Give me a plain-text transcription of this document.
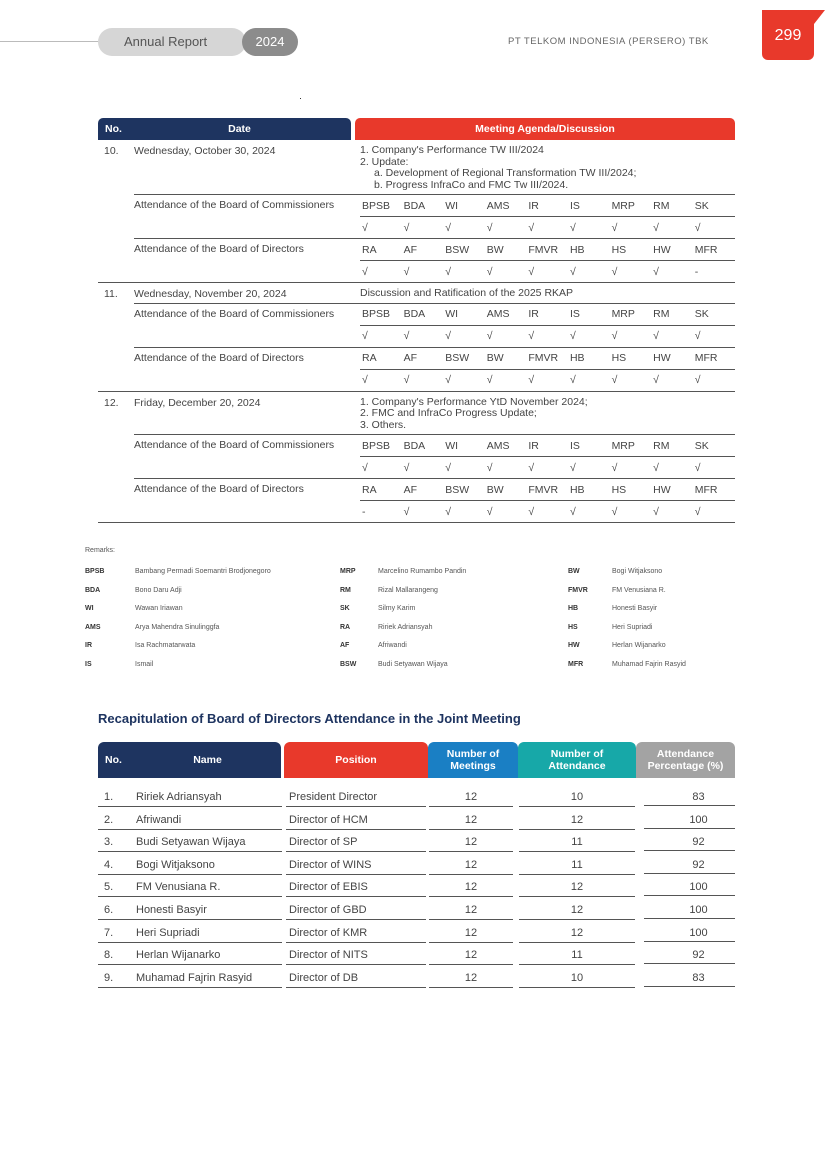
Annual Report	2024	PT TELKOM INDONESIA (PERSERO) TBK	299
No.	Date	Meeting Agenda/Discussion
10.	Wednesday, October 30, 2024	1. Company's Performance TW III/2024
2. Update:
a. Development of Regional Transformation TW III/2024;
b. Progress InfraCo and FMC Tw III/2024.
Attendance of the Board of Commissioners	BPSB	BDA	WI	AMS	IR	IS	MRP	RM	SK
√	√	√	√	√	√	√	√	√
Attendance of the Board of Directors	RA	AF	BSW	BW	FMVR	HB	HS	HW	MFR
√	√	√	√	√	√	√	√	-
11.	Wednesday, November 20, 2024	Discussion and Ratification of the 2025 RKAP
Attendance of the Board of Commissioners	BPSB	BDA	WI	AMS	IR	IS	MRP	RM	SK
√	√	√	√	√	√	√	√	√
Attendance of the Board of Directors	RA	AF	BSW	BW	FMVR	HB	HS	HW	MFR
√	√	√	√	√	√	√	√	√
12.	Friday, December 20, 2024	1. Company's Performance YtD November 2024;
2. FMC and InfraCo Progress Update;
3. Others.
Attendance of the Board of Commissioners	BPSB	BDA	WI	AMS	IR	IS	MRP	RM	SK
√	√	√	√	√	√	√	√	√
Attendance of the Board of Directors	RA	AF	BSW	BW	FMVR	HB	HS	HW	MFR
-	√	√	√	√	√	√	√	√
Remarks:
BPSB	Bambang Permadi Soemantri Brodjonegoro
BDA	Bono Daru Adji
WI	Wawan Iriawan
AMS	Arya Mahendra Sinulinggfa
IR	Isa Rachmatarwata
IS	Ismail
MRP	Marcelino Rumambo Pandin
RM	Rizal Mallarangeng
SK	Silmy Karim
RA	Ririek Adriansyah
AF	Afriwandi
BSW	Budi Setyawan Wijaya
BW	Bogi Witjaksono
FMVR	FM Venusiana R.
HB	Honesti Basyir
HS	Heri Supriadi
HW	Herlan Wijanarko
MFR	Muhamad Fajrin Rasyid
Recapitulation of Board of Directors Attendance in the Joint Meeting
No.	Name	Position	Number of Meetings
Number of Attendance
Attendance Percentage (%)
1.	Ririek Adriansyah	President Director	12	10	83
2.	Afriwandi	Director of HCM	12	12	100
3.	Budi Setyawan Wijaya	Director of SP	12	11	92
4.	Bogi Witjaksono	Director of WINS	12	11	92
5.	FM Venusiana R.	Director of EBIS	12	12	100
6.	Honesti Basyir	Director of GBD	12	12	100
7.	Heri Supriadi	Director of KMR	12	12	100
8.	Herlan Wijanarko	Director of NITS	12	11	92
9.	Muhamad Fajrin Rasyid	Director of DB	12	10	83
